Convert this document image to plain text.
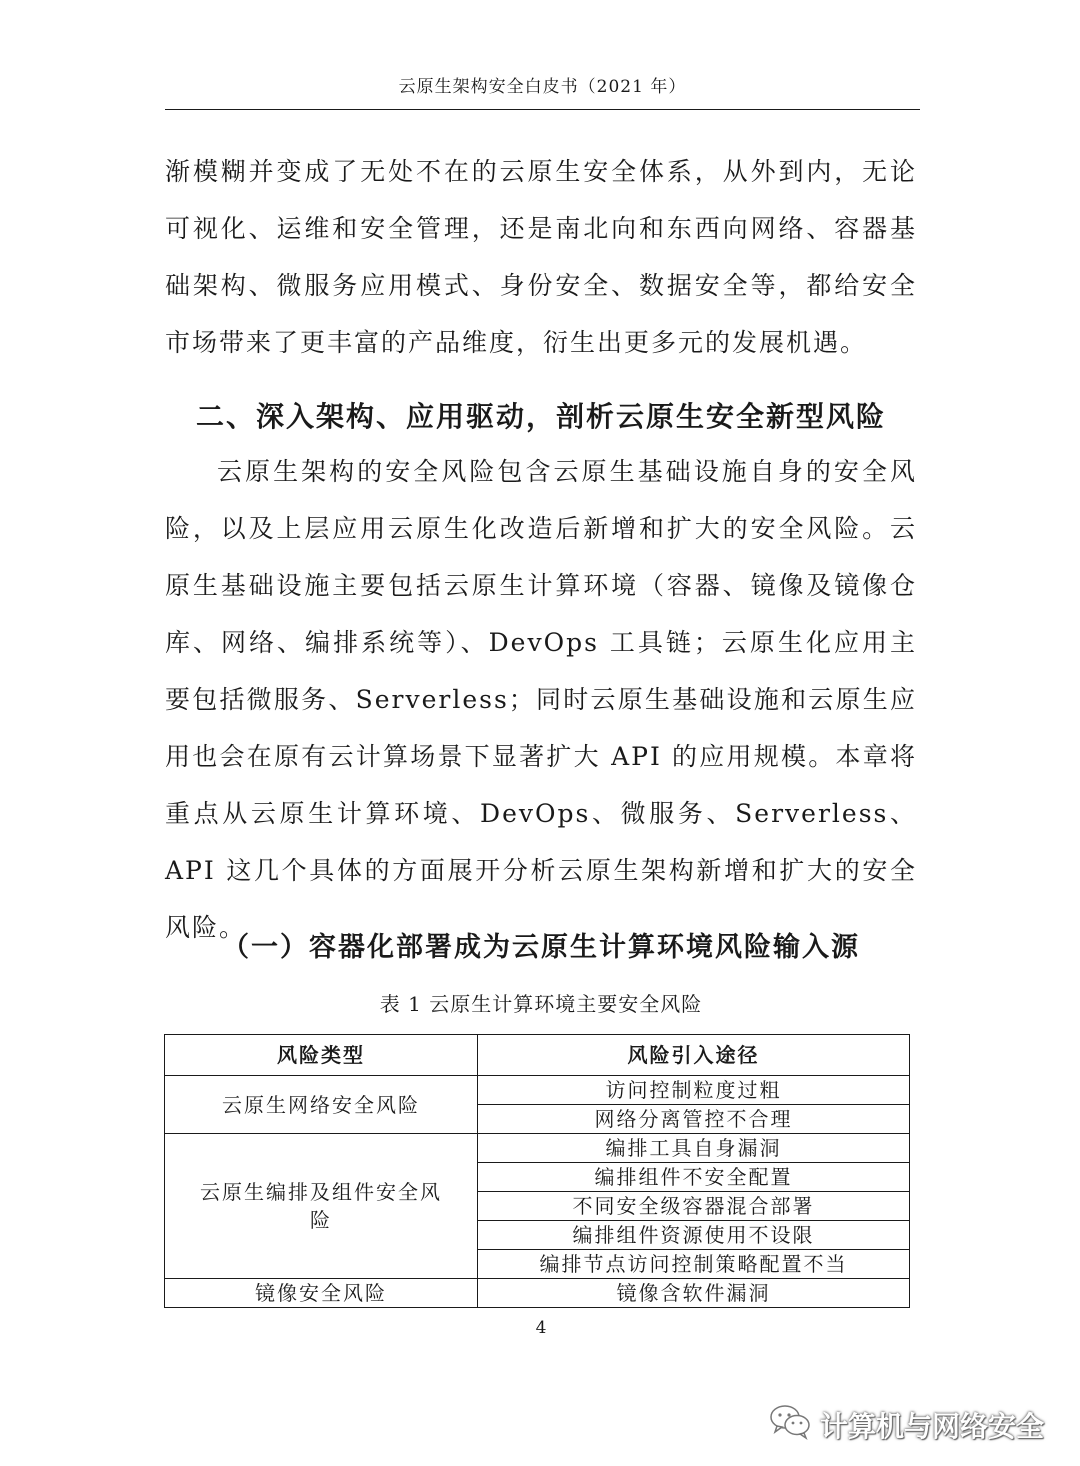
云原生架构安全白皮书（2021 年）

渐模糊并变成了无处不在的云原生安全体系，从外到内，无论可视化、运维和安全管理，还是南北向和东西向网络、容器基础架构、微服务应用模式、身份安全、数据安全等，都给安全市场带来了更丰富的产品维度，衍生出更多元的发展机遇。

二、深入架构、应用驱动，剖析云原生安全新型风险

云原生架构的安全风险包含云原生基础设施自身的安全风险，以及上层应用云原生化改造后新增和扩大的安全风险。云原生基础设施主要包括云原生计算环境（容器、镜像及镜像仓库、网络、编排系统等）、DevOps 工具链；云原生化应用主要包括微服务、Serverless；同时云原生基础设施和云原生应用也会在原有云计算场景下显著扩大 API 的应用规模。本章将重点从云原生计算环境、DevOps、微服务、Serverless、API 这几个具体的方面展开分析云原生架构新增和扩大的安全风险。

（一）容器化部署成为云原生计算环境风险输入源
表 1 云原生计算环境主要安全风险
风险类型	风险引入途径
云原生网络安全风险	访问控制粒度过粗
	网络分离管控不合理
云原生编排及组件安全风险	编排工具自身漏洞
	编排组件不安全配置
	不同安全级容器混合部署
	编排组件资源使用不设限
	编排节点访问控制策略配置不当
镜像安全风险	镜像含软件漏洞
4
计算机与网络安全
